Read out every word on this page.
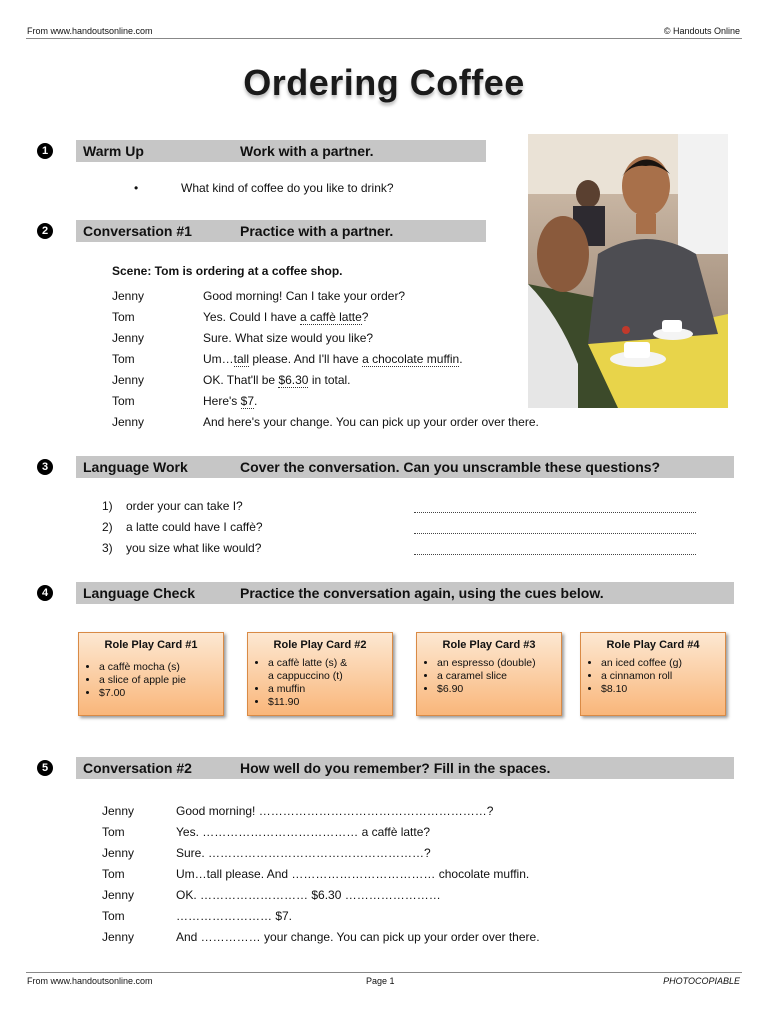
From www.handoutsonline.com	© Handouts Online
Ordering Coffee
1	Warm Up	Work with a partner.
•	What kind of coffee do you like to drink?
2	Conversation #1	Practice with a partner.
Scene: Tom is ordering at a coffee shop.
Jenny	Good morning! Can I take your order?
Tom	Yes. Could I have a caffè latte?
Jenny	Sure. What size would you like?
Tom	Um…tall please. And I'll have a chocolate muffin.
Jenny	OK. That'll be $6.30 in total.
Tom	Here's $7.
Jenny	And here's your change. You can pick up your order over there.
3	Language Work	Cover the conversation. Can you unscramble these questions?
1) order your can take I?
2) a latte could have I caffè?
3) you size what like would?
4	Language Check	Practice the conversation again, using the cues below.
Role Play Card #1
• a caffè mocha (s)
• a slice of apple pie
• $7.00
Role Play Card #2
• a caffè latte (s) &
a cappuccino (t)
• a muffin
• $11.90
Role Play Card #3
• an espresso (double)
• a caramel slice
• $6.90
Role Play Card #4
• an iced coffee (g)
• a cinnamon roll
• $8.10
5	Conversation #2	How well do you remember? Fill in the spaces.
Jenny	Good morning! …………………………………………………?
Tom	Yes. ………………………………… a caffè latte?
Jenny	Sure. ………………………………………………?
Tom	Um…tall please. And ……………………………… chocolate muffin.
Jenny	OK. ……………………… $6.30 ……………………
Tom	…………………… $7.
Jenny	And …………… your change. You can pick up your order over there.
From www.handoutsonline.com	Page 1	PHOTOCOPIABLE
